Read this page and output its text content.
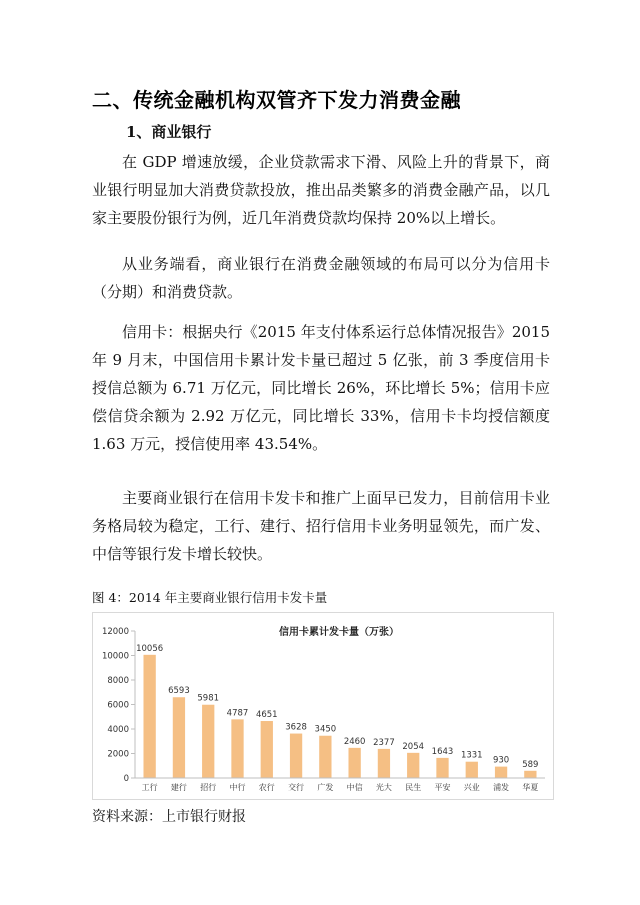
二、传统金融机构双管齐下发力消费金融
1、商业银行

在 GDP 增速放缓，企业贷款需求下滑、风险上升的背景下，商业银行明显加大消费贷款投放，推出品类繁多的消费金融产品，以几家主要股份银行为例，近几年消费贷款均保持 20%以上增长。

从业务端看，商业银行在消费金融领域的布局可以分为信用卡（分期）和消费贷款。

信用卡：根据央行《2015 年支付体系运行总体情况报告》2015 年 9 月末，中国信用卡累计发卡量已超过 5 亿张，前 3 季度信用卡授信总额为 6.71 万亿元，同比增长 26%，环比增长 5%；信用卡应偿信贷余额为 2.92 万亿元，同比增长 33%，信用卡卡均授信额度 1.63 万元，授信使用率 43.54%。

主要商业银行在信用卡发卡和推广上面早已发力，目前信用卡业务格局较为稳定，工行、建行、招行信用卡业务明显领先，而广发、中信等银行发卡增长较快。

图 4：2014 年主要商业银行信用卡发卡量

信用卡累计发卡量（万张）
0
2000
4000
6000
8000
10000
12000
10056
6593
5981
4787 4651
3628 3450
2460 2377 2054
1643 1331 930 589
工行 建行 招行 中行 农行 交行 广发 中信 光大 民生 平安 兴业 浦发 华夏

资料来源：上市银行财报
